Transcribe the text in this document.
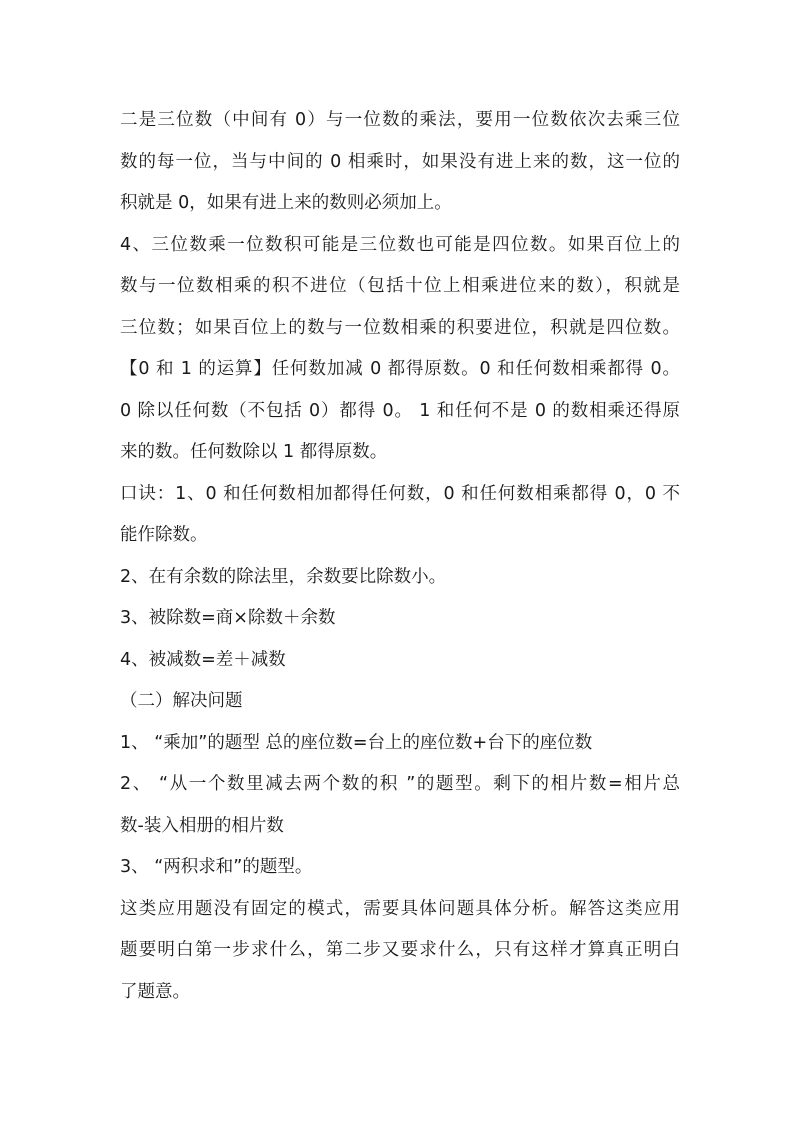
二是三位数（中间有 0）与一位数的乘法，要用一位数依次去乘三位
数的每一位，当与中间的 0 相乘时，如果没有进上来的数，这一位的
积就是 0，如果有进上来的数则必须加上。
4、三位数乘一位数积可能是三位数也可能是四位数。如果百位上的
数与一位数相乘的积不进位（包括十位上相乘进位来的数），积就是
三位数；如果百位上的数与一位数相乘的积要进位，积就是四位数。
【0 和 1 的运算】任何数加减 0 都得原数。0 和任何数相乘都得 0。
0 除以任何数（不包括 0）都得 0。 1 和任何不是 0 的数相乘还得原
来的数。任何数除以 1 都得原数。
口诀：1、0 和任何数相加都得任何数，0 和任何数相乘都得 0，0 不
能作除数。
2、在有余数的除法里，余数要比除数小。
3、被除数=商×除数＋余数
4、被减数=差＋减数
（二）解决问题
1、 “乘加”的题型 总的座位数=台上的座位数+台下的座位数
2、 “从一个数里减去两个数的积 ”的题型。剩下的相片数=相片总
数-装入相册的相片数
3、 “两积求和”的题型。
这类应用题没有固定的模式，需要具体问题具体分析。解答这类应用
题要明白第一步求什么，第二步又要求什么，只有这样才算真正明白
了题意。
